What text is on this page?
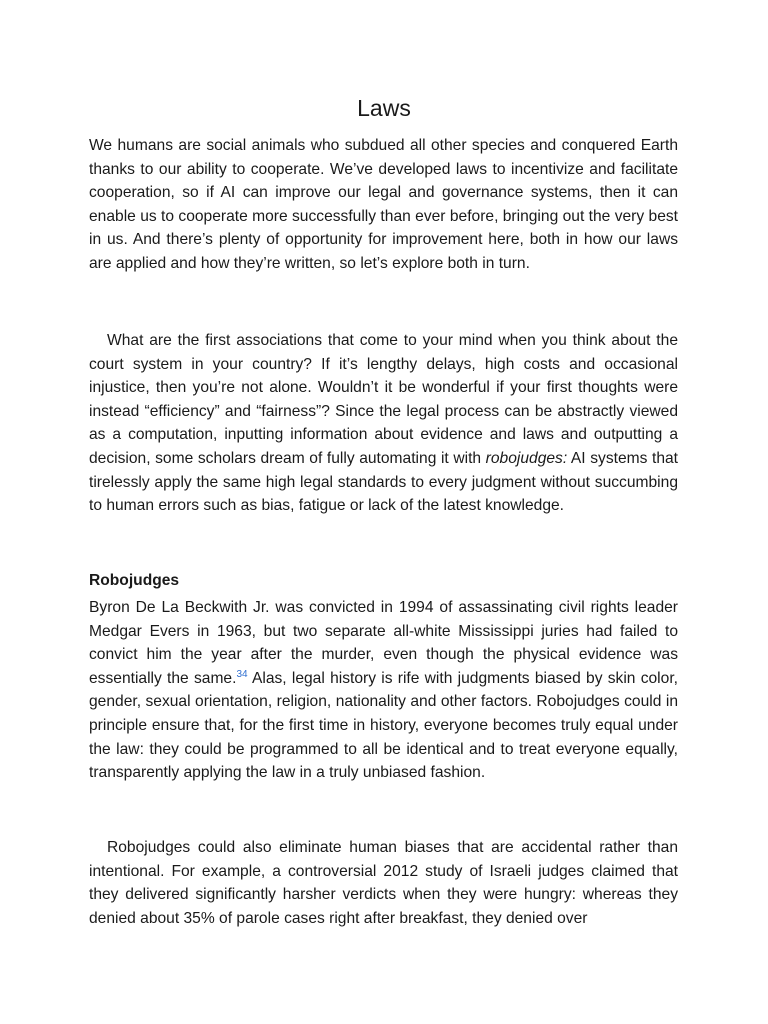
Laws

We humans are social animals who subdued all other species and conquered Earth thanks to our ability to cooperate. We’ve developed laws to incentivize and facilitate cooperation, so if AI can improve our legal and governance systems, then it can enable us to cooperate more successfully than ever before, bringing out the very best in us. And there’s plenty of opportunity for improvement here, both in how our laws are applied and how they’re written, so let’s explore both in turn.

What are the first associations that come to your mind when you think about the court system in your country? If it’s lengthy delays, high costs and occasional injustice, then you’re not alone. Wouldn’t it be wonderful if your first thoughts were instead “efficiency” and “fairness”? Since the legal process can be abstractly viewed as a computation, inputting information about evidence and laws and outputting a decision, some scholars dream of fully automating it with robojudges: AI systems that tirelessly apply the same high legal standards to every judgment without succumbing to human errors such as bias, fatigue or lack of the latest knowledge.

Robojudges

Byron De La Beckwith Jr. was convicted in 1994 of assassinating civil rights leader Medgar Evers in 1963, but two separate all-white Mississippi juries had failed to convict him the year after the murder, even though the physical evidence was essentially the same.$^{34}$ Alas, legal history is rife with judgments biased by skin color, gender, sexual orientation, religion, nationality and other factors. Robojudges could in principle ensure that, for the first time in history, everyone becomes truly equal under the law: they could be programmed to all be identical and to treat everyone equally, transparently applying the law in a truly unbiased fashion.

Robojudges could also eliminate human biases that are accidental rather than intentional. For example, a controversial 2012 study of Israeli judges claimed that they delivered significantly harsher verdicts when they were hungry: whereas they denied about 35% of parole cases right after breakfast, they denied over
